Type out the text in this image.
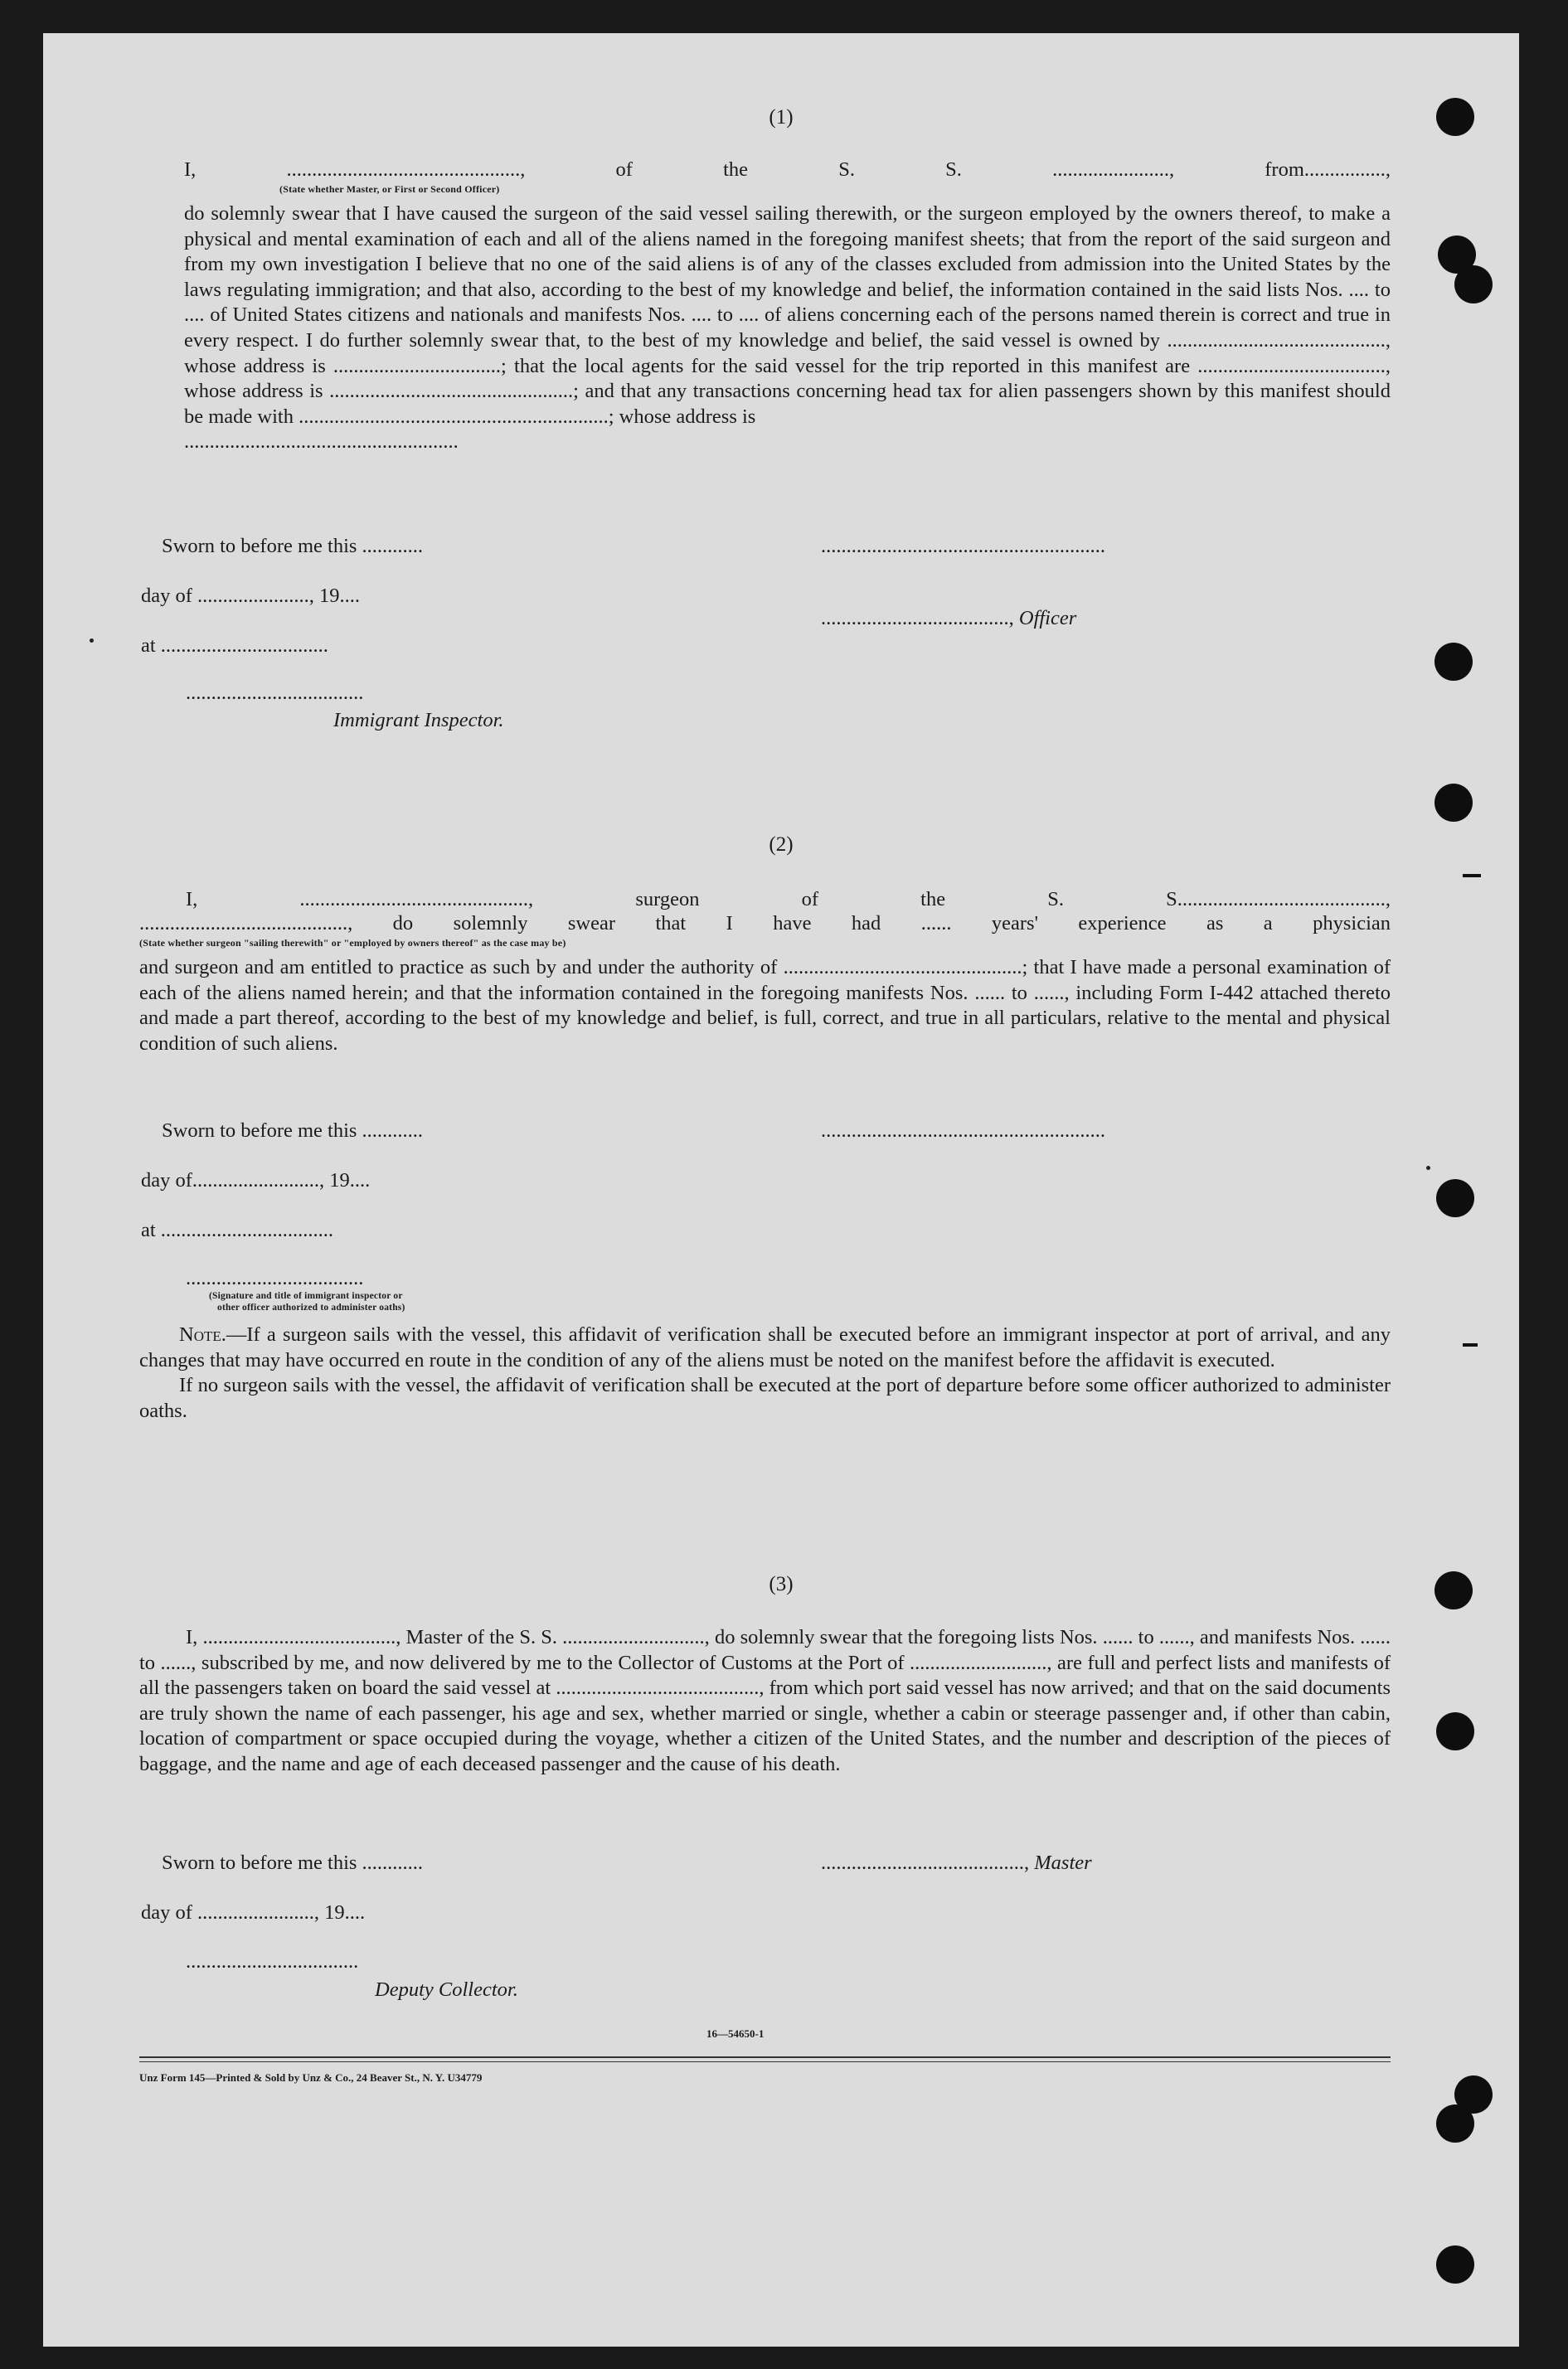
(1)
I, .............................................., of the S. S. ......................., from................,
(State whether Master, or First or Second Officer)

do solemnly swear that I have caused the surgeon of the said vessel sailing therewith, or the surgeon employed by the owners thereof, to make a physical and mental examination of each and all of the aliens named in the foregoing manifest sheets; that from the report of the said surgeon and from my own investigation I believe that no one of the said aliens is of any of the classes excluded from admission into the United States by the laws regulating immigration; and that also, according to the best of my knowledge and belief, the information contained in the said lists Nos. .... to .... of United States citizens and nationals and manifests Nos. .... to .... of aliens concerning each of the persons named therein is correct and true in every respect. I do further solemnly swear that, to the best of my knowledge and belief, the said vessel is owned by ..........................................., whose address is .................................; that the local agents for the said vessel for the trip reported in this manifest are ....................................., whose address is ................................................; and that any transactions concerning head tax for alien passengers shown by this manifest should be made with .............................................................; whose address is

......................................................

Sworn to before me this ............	........................................................
day of ......................, 19....
....................................., Officer
at .................................
...................................
Immigrant Inspector.
(2)
I, ............................................., surgeon of the S. S.........................................,
........................................., do solemnly swear that I have had ...... years' experience as a physician
(State whether surgeon "sailing therewith" or "employed by owners thereof" as the case may be)

and surgeon and am entitled to practice as such by and under the authority of ...............................................; that I have made a personal examination of each of the aliens named herein; and that the information contained in the foregoing manifests Nos. ...... to ......, including Form I-442 attached thereto and made a part thereof, according to the best of my knowledge and belief, is full, correct, and true in all particulars, relative to the mental and physical condition of such aliens.

Sworn to before me this ............	........................................................
day of........................., 19....
at ..................................
...................................
(Signature and title of immigrant inspector or
other officer authorized to administer oaths)

Note.—If a surgeon sails with the vessel, this affidavit of verification shall be executed before an immigrant inspector at port of arrival, and any changes that may have occurred en route in the condition of any of the aliens must be noted on the manifest before the affidavit is executed.

If no surgeon sails with the vessel, the affidavit of verification shall be executed at the port of departure before some officer authorized to administer oaths.

(3)

I, ......................................, Master of the S. S. ............................, do solemnly swear that the foregoing lists Nos. ...... to ......, and manifests Nos. ...... to ......, subscribed by me, and now delivered by me to the Collector of Customs at the Port of ..........................., are full and perfect lists and manifests of all the passengers taken on board the said vessel at ........................................, from which port said vessel has now arrived; and that on the said documents are truly shown the name of each passenger, his age and sex, whether married or single, whether a cabin or steerage passenger and, if other than cabin, location of compartment or space occupied during the voyage, whether a citizen of the United States, and the number and description of the pieces of baggage, and the name and age of each deceased passenger and the cause of his death.

Sworn to before me this ............	........................................, Master
day of ......................., 19....
..................................
Deputy Collector.
16—54650-1
Unz Form 145—Printed & Sold by Unz & Co., 24 Beaver St., N. Y. U34779
